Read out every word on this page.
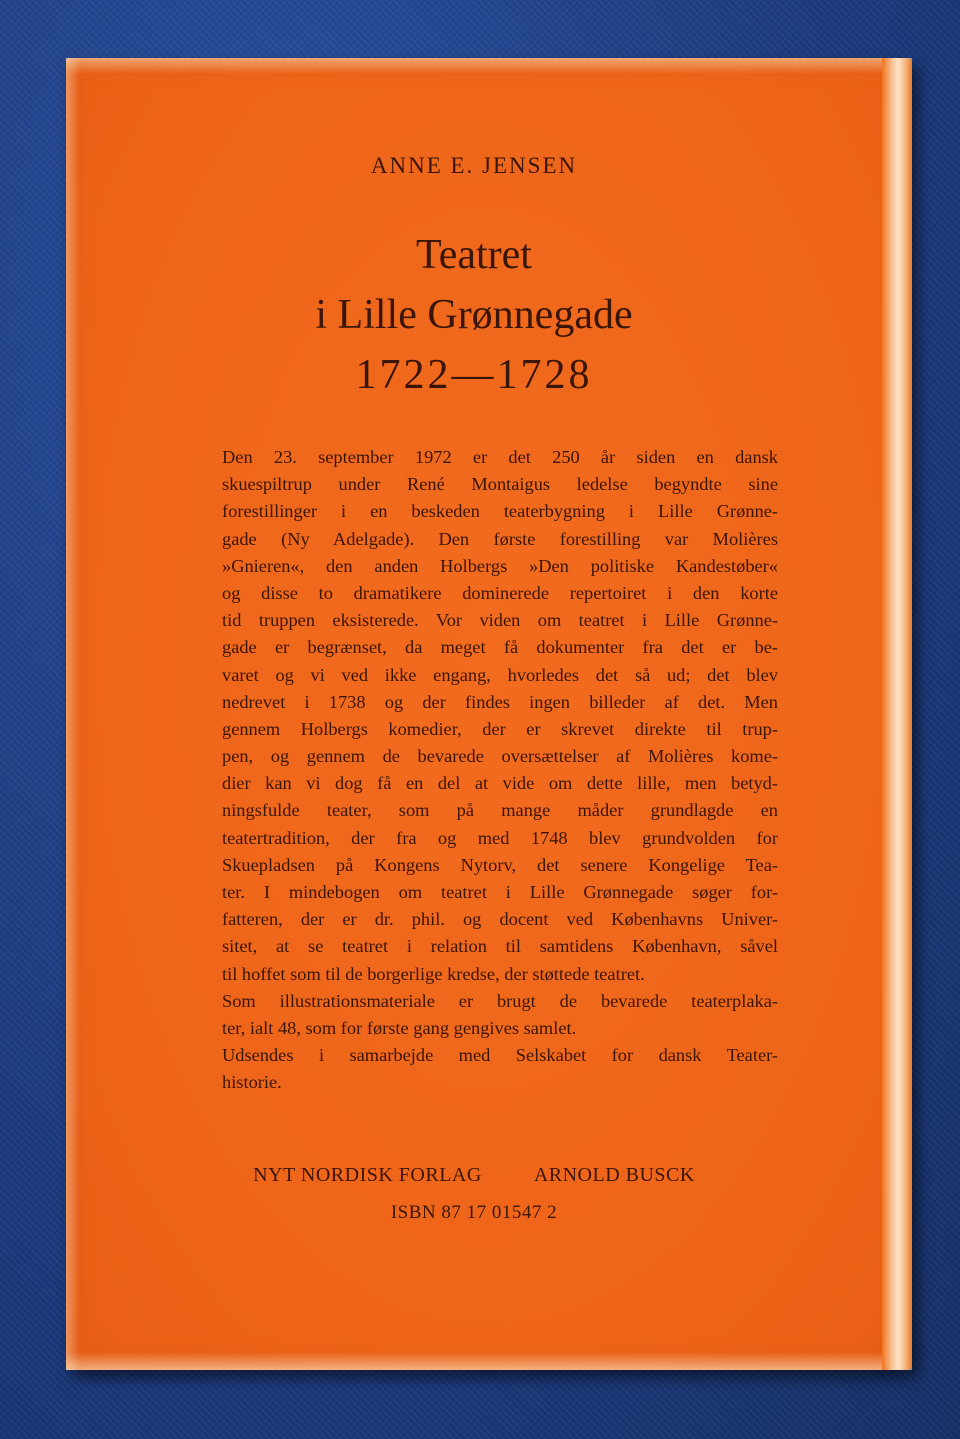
ANNE E. JENSEN
Teatret
i Lille Grønnegade
1722—1728
Den 23. september 1972 er det 250 år siden en dansk
skuespiltrup under René Montaigus ledelse begyndte sine
forestillinger i en beskeden teaterbygning i Lille Grønne-
gade (Ny Adelgade). Den første forestilling var Molières
»Gnieren«, den anden Holbergs »Den politiske Kandestøber«
og disse to dramatikere dominerede repertoiret i den korte
tid truppen eksisterede. Vor viden om teatret i Lille Grønne-
gade er begrænset, da meget få dokumenter fra det er be-
varet og vi ved ikke engang, hvorledes det så ud; det blev
nedrevet i 1738 og der findes ingen billeder af det. Men
gennem Holbergs komedier, der er skrevet direkte til trup-
pen, og gennem de bevarede oversættelser af Molières kome-
dier kan vi dog få en del at vide om dette lille, men betyd-
ningsfulde teater, som på mange måder grundlagde en
teatertradition, der fra og med 1748 blev grundvolden for
Skuepladsen på Kongens Nytorv, det senere Kongelige Tea-
ter. I mindebogen om teatret i Lille Grønnegade søger for-
fatteren, der er dr. phil. og docent ved Københavns Univer-
sitet, at se teatret i relation til samtidens København, såvel
til hoffet som til de borgerlige kredse, der støttede teatret.
Som illustrationsmateriale er brugt de bevarede teaterplaka-
ter, ialt 48, som for første gang gengives samlet.
Udsendes i samarbejde med Selskabet for dansk Teater-
historie.
NYT NORDISK FORLAG	ARNOLD BUSCK
ISBN 87 17 01547 2
